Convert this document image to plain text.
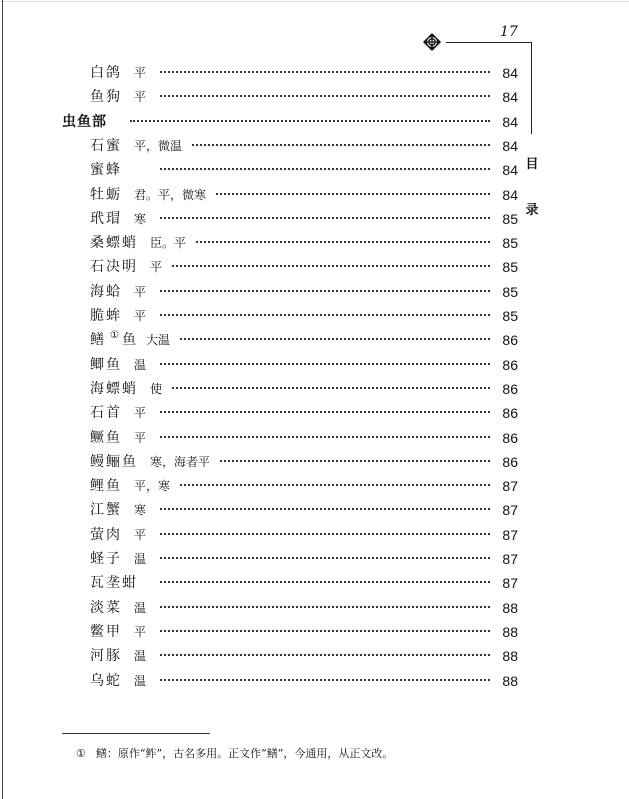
17
目
录
白鸽 平	84
鱼狗 平	84
虫鱼部	84
石蜜 平，微温	84
蜜蜂	84
牡蛎 君。平，微寒	84
玳瑁 寒	85
桑螵蛸 臣。平	85
石决明 平	85
海蛤 平	85
脆蛑 平	85
鳝 ① 鱼 大温	86
鲫鱼 温	86
海螵蛸 使	86
石首 平	86
鳜鱼 平	86
鳗鲡鱼 寒，海者平	86
鲤鱼 平，寒	87
江蟹 寒	87
萤肉 平	87
蛏子 温	87
瓦垄蚶	87
淡菜 温	88
鳖甲 平	88
河豚 温	88
乌蛇 温	88
① 鳝：原作“鲊”，古名多用。正文作“鳝”，今通用，从正文改。
